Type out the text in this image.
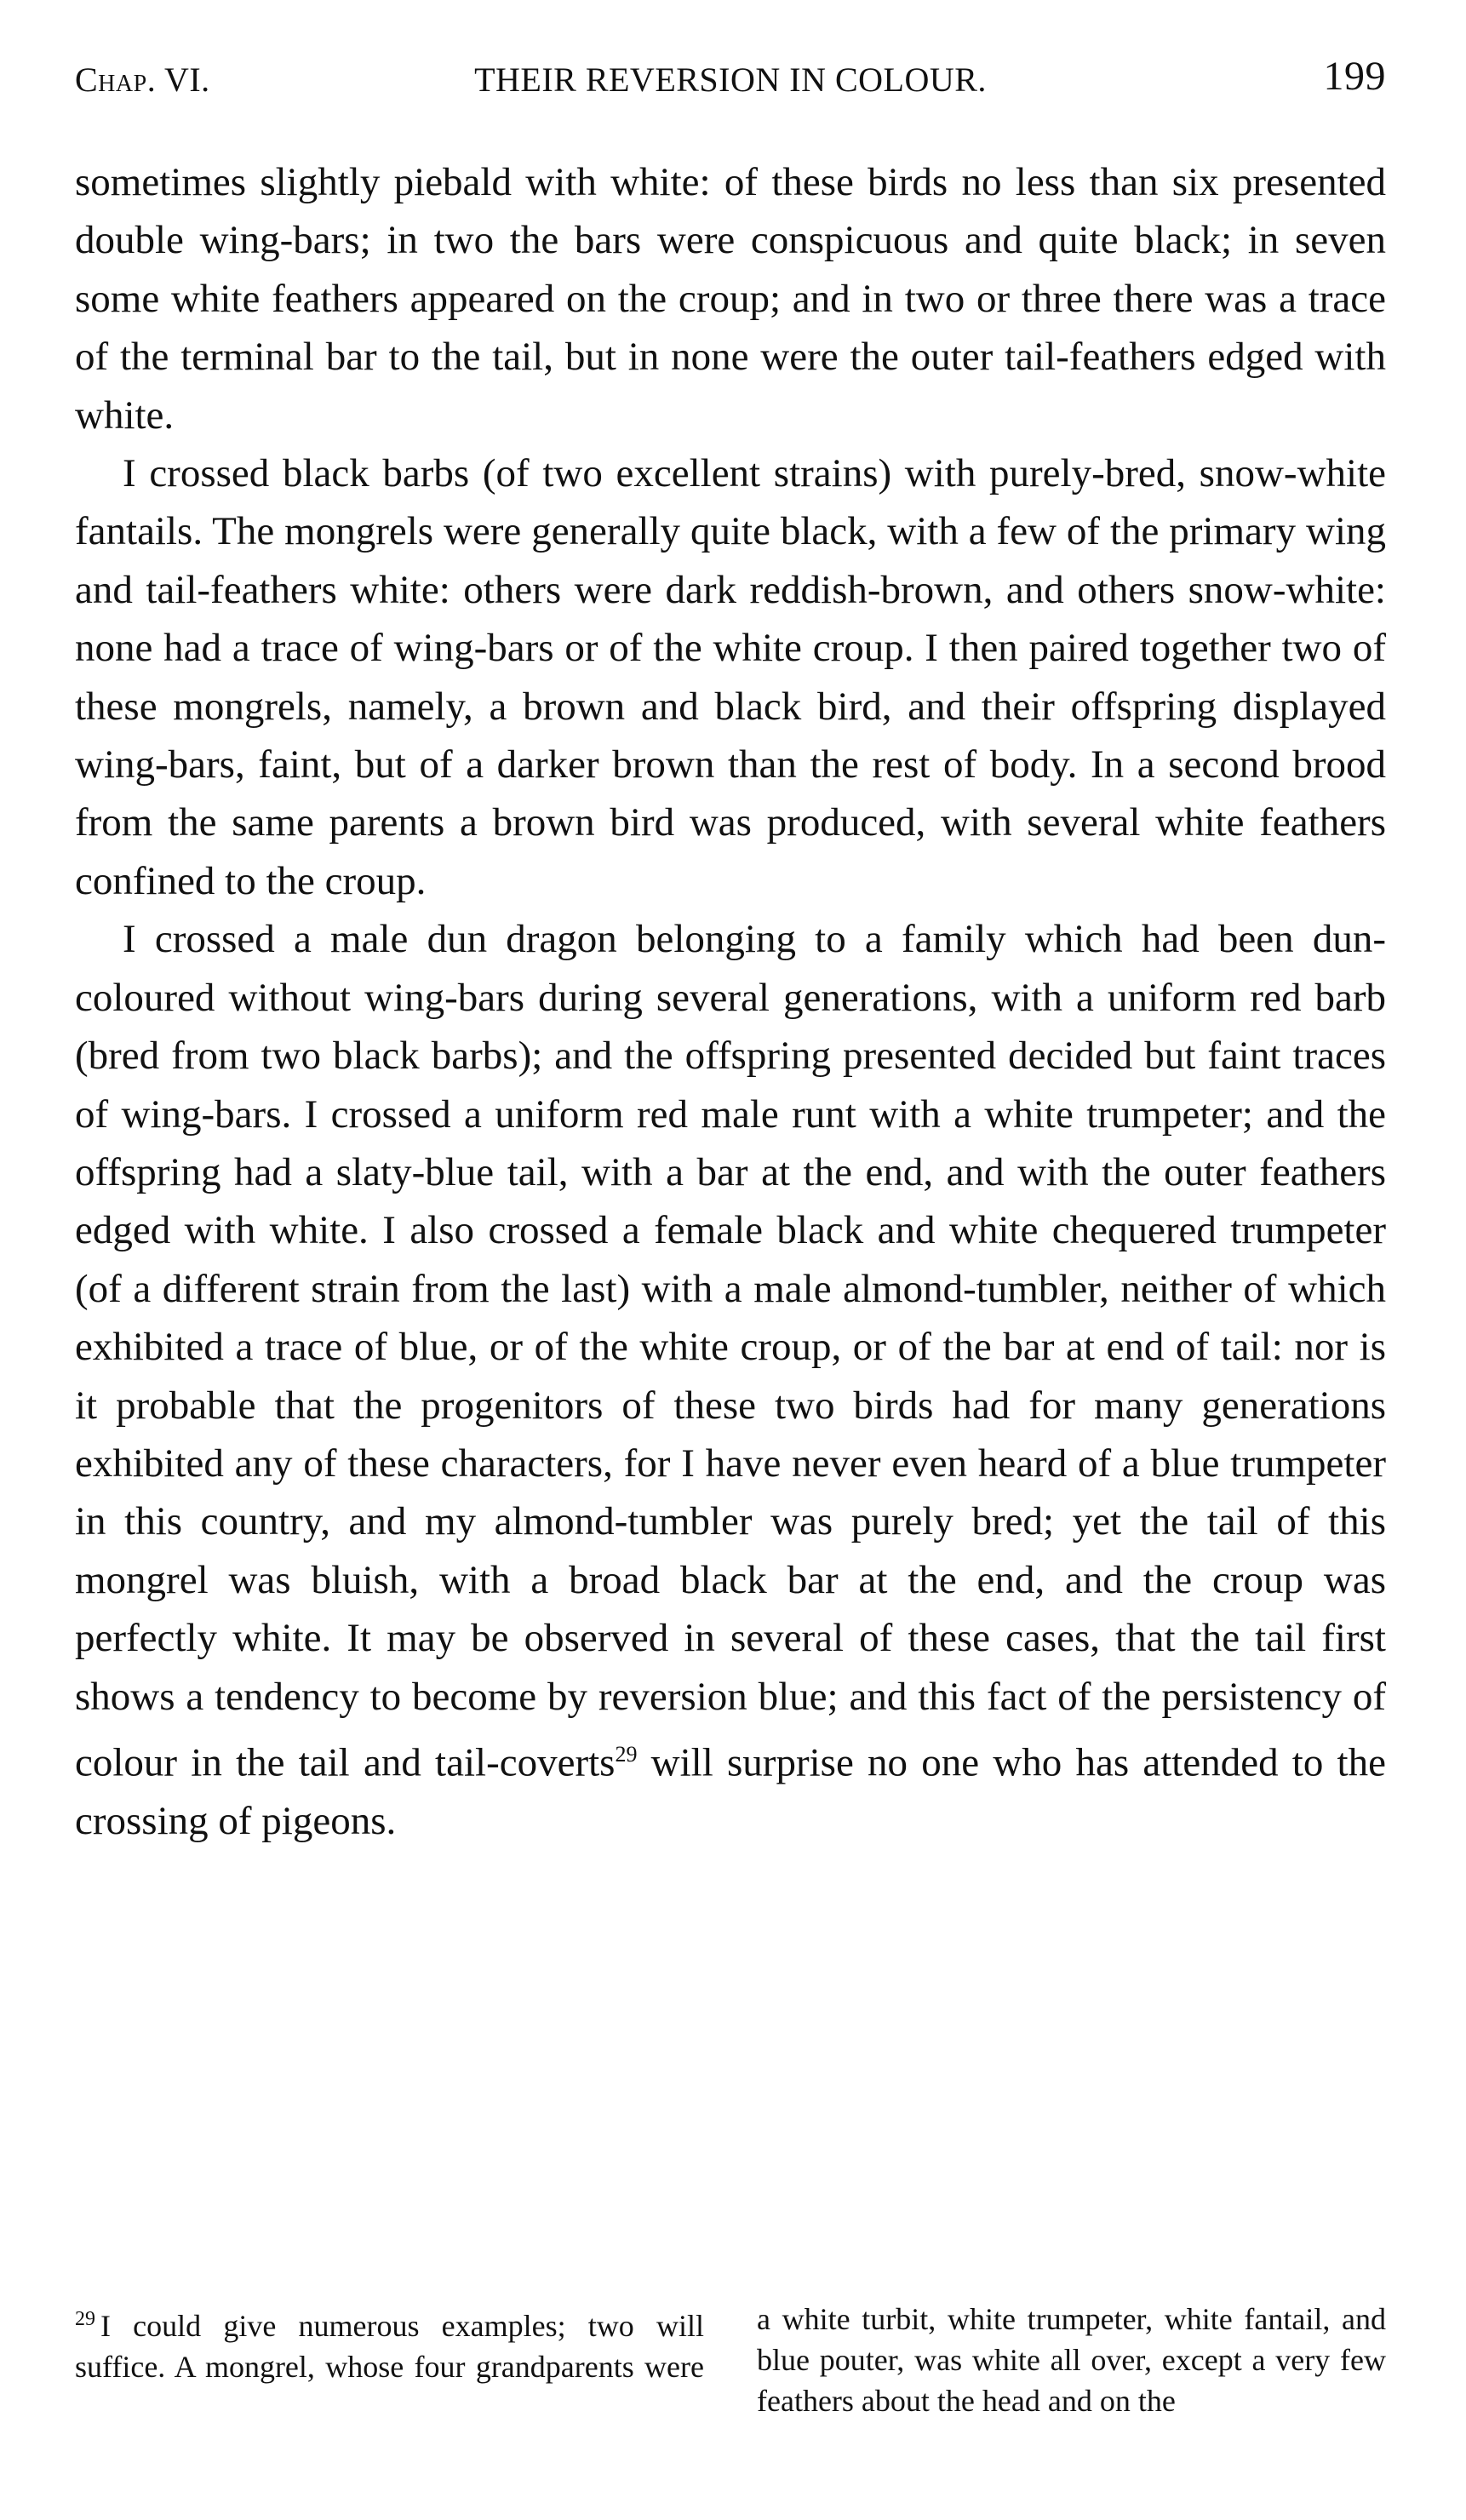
Chap. VI.	THEIR REVERSION IN COLOUR.	199

sometimes slightly piebald with white: of these birds no less than six presented double wing-bars; in two the bars were conspicuous and quite black; in seven some white feathers appeared on the croup; and in two or three there was a trace of the terminal bar to the tail, but in none were the outer tail-feathers edged with white.

I crossed black barbs (of two excellent strains) with purely-bred, snow-white fantails. The mongrels were generally quite black, with a few of the primary wing and tail-feathers white: others were dark reddish-brown, and others snow-white: none had a trace of wing-bars or of the white croup. I then paired together two of these mongrels, namely, a brown and black bird, and their offspring displayed wing-bars, faint, but of a darker brown than the rest of body. In a second brood from the same parents a brown bird was produced, with several white feathers confined to the croup.

I crossed a male dun dragon belonging to a family which had been dun-coloured without wing-bars during several generations, with a uniform red barb (bred from two black barbs); and the offspring presented decided but faint traces of wing-bars. I crossed a uniform red male runt with a white trumpeter; and the offspring had a slaty-blue tail, with a bar at the end, and with the outer feathers edged with white. I also crossed a female black and white chequered trumpeter (of a different strain from the last) with a male almond-tumbler, neither of which exhibited a trace of blue, or of the white croup, or of the bar at end of tail: nor is it probable that the progenitors of these two birds had for many generations exhibited any of these characters, for I have never even heard of a blue trumpeter in this country, and my almond-tumbler was purely bred; yet the tail of this mongrel was bluish, with a broad black bar at the end, and the croup was perfectly white. It may be observed in several of these cases, that the tail first shows a tendency to become by reversion blue; and this fact of the persistency of colour in the tail and tail-coverts$^{29}$ will surprise no one who has attended to the crossing of pigeons.

$^{29}$ I could give numerous examples; two will suffice. A mongrel, whose four grandparents were a white turbit, white trumpeter, white fantail, and blue pouter, was white all over, except a very few feathers about the head and on the
